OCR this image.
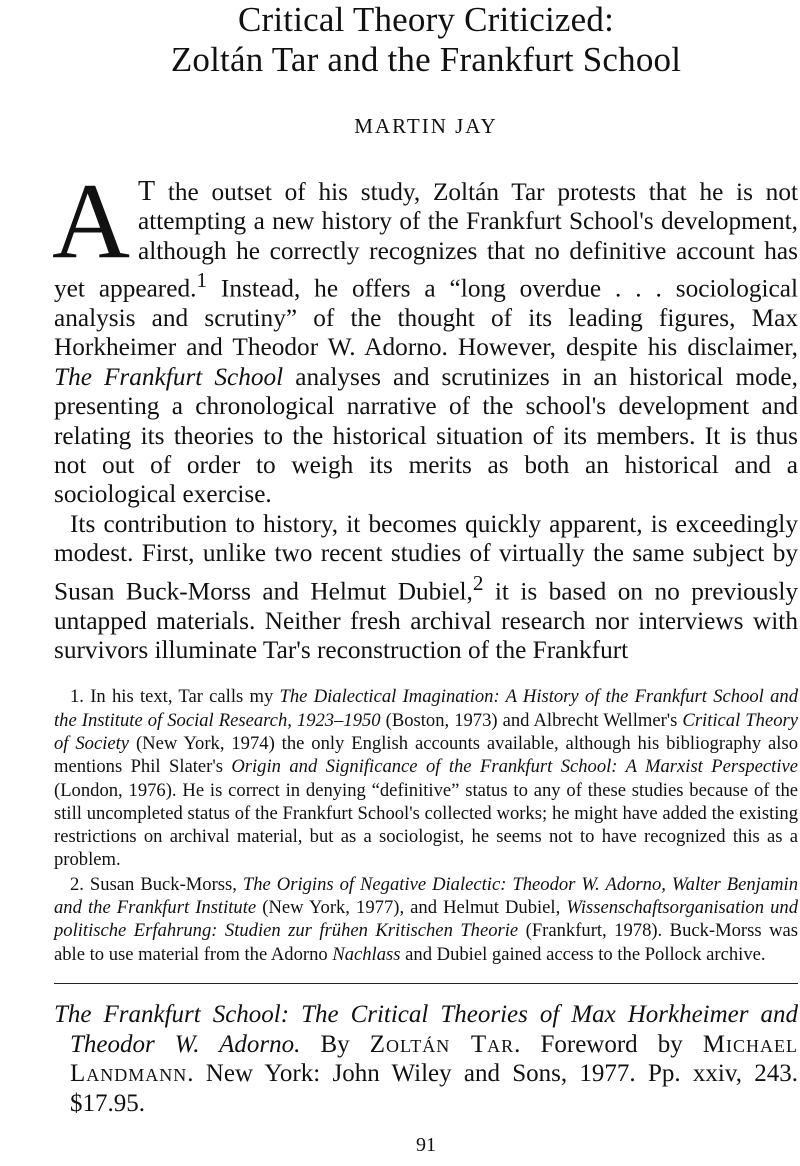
Critical Theory Criticized:
Zoltán Tar and the Frankfurt School
MARTIN JAY

A T the outset of his study, Zoltán Tar protests that he is not attempting a new history of the Frankfurt School's development, although he correctly recognizes that no definitive account has yet appeared.$^1$ Instead, he offers a “long overdue . . . sociological analysis and scrutiny” of the thought of its leading figures, Max Horkheimer and Theodor W. Adorno. However, despite his disclaimer, The Frankfurt School analyses and scrutinizes in an historical mode, presenting a chronological narrative of the school's development and relating its theories to the historical situation of its members. It is thus not out of order to weigh its merits as both an historical and a sociological exercise.

Its contribution to history, it becomes quickly apparent, is exceedingly modest. First, unlike two recent studies of virtually the same subject by Susan Buck-Morss and Helmut Dubiel,$^2$ it is based on no previously untapped materials. Neither fresh archival research nor interviews with survivors illuminate Tar's reconstruction of the Frankfurt

1. In his text, Tar calls my The Dialectical Imagination: A History of the Frankfurt School and the Institute of Social Research, 1923–1950 (Boston, 1973) and Albrecht Wellmer's Critical Theory of Society (New York, 1974) the only English accounts available, although his bibliography also mentions Phil Slater's Origin and Significance of the Frankfurt School: A Marxist Perspective (London, 1976). He is correct in denying “definitive” status to any of these studies because of the still uncompleted status of the Frankfurt School's collected works; he might have added the existing restrictions on archival material, but as a sociologist, he seems not to have recognized this as a problem.

2. Susan Buck-Morss, The Origins of Negative Dialectic: Theodor W. Adorno, Walter Benjamin and the Frankfurt Institute (New York, 1977), and Helmut Dubiel, Wissenschaftsorganisation und politische Erfahrung: Studien zur frühen Kritischen Theorie (Frankfurt, 1978). Buck-Morss was able to use material from the Adorno Nachlass and Dubiel gained access to the Pollock archive.

The Frankfurt School: The Critical Theories of Max Horkheimer and Theodor W. Adorno. By Zoltán Tar. Foreword by Michael Landmann. New York: John Wiley and Sons, 1977. Pp. xxiv, 243. $17.95.

91
